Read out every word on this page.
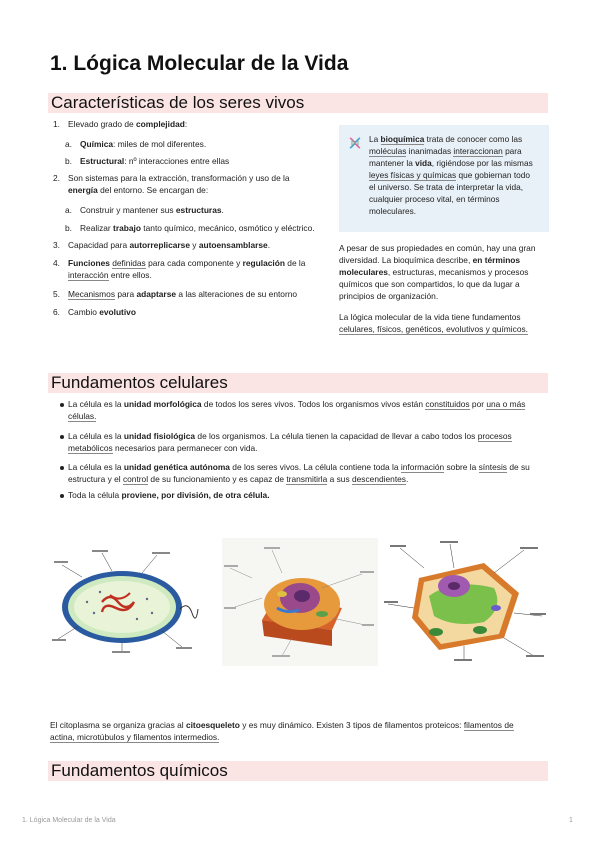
1. Lógica Molecular de la Vida
Características de los seres vivos
1. Elevado grado de complejidad:
a. Química: miles de mol diferentes.
b. Estructural: nº interacciones entre ellas
2. Son sistemas para la extracción, transformación y uso de la
energía del entorno. Se encargan de:
a. Construir y mantener sus estructuras.
b. Realizar trabajo tanto químico, mecánico, osmótico y eléctrico.
3. Capacidad para autorreplicarse y autoensamblarse.
4. Funciones definidas para cada componente y regulación de la
interacción entre ellos.
5. Mecanismos para adaptarse a las alteraciones de su entorno
6. Cambio evolutivo
La bioquímica trata de conocer como las
moléculas inanimadas interaccionan para
mantener la vida, rigiéndose por las mismas
leyes físicas y químicas que gobiernan todo
el universo. Se trata de interpretar la vida,
cualquier proceso vital, en términos
moleculares.
A pesar de sus propiedades en común, hay una gran
diversidad. La bioquímica describe, en términos
moleculares, estructuras, mecanismos y procesos
químicos que son compartidos, lo que da lugar a
principios de organización.
La lógica molecular de la vida tiene fundamentos
celulares, físicos, genéticos, evolutivos y químicos.
Fundamentos celulares
La célula es la unidad morfológica de todos los seres vivos. Todos los organismos vivos están constituidos por una o más
células.
La célula es la unidad fisiológica de los organismos. La célula tienen la capacidad de llevar a cabo todos los procesos
metabólicos necesarios para permanecer con vida.
La célula es la unidad genética autónoma de los seres vivos. La célula contiene toda la información sobre la síntesis de su
estructura y el control de su funcionamiento y es capaz de transmitirla a sus descendientes.
Toda la célula proviene, por división, de otra célula.
El citoplasma se organiza gracias al citoesqueleto y es muy dinámico. Existen 3 tipos de filamentos proteicos: filamentos de
actina, microtúbulos y filamentos intermedios.
Fundamentos químicos
1. Lógica Molecular de la Vida	1
